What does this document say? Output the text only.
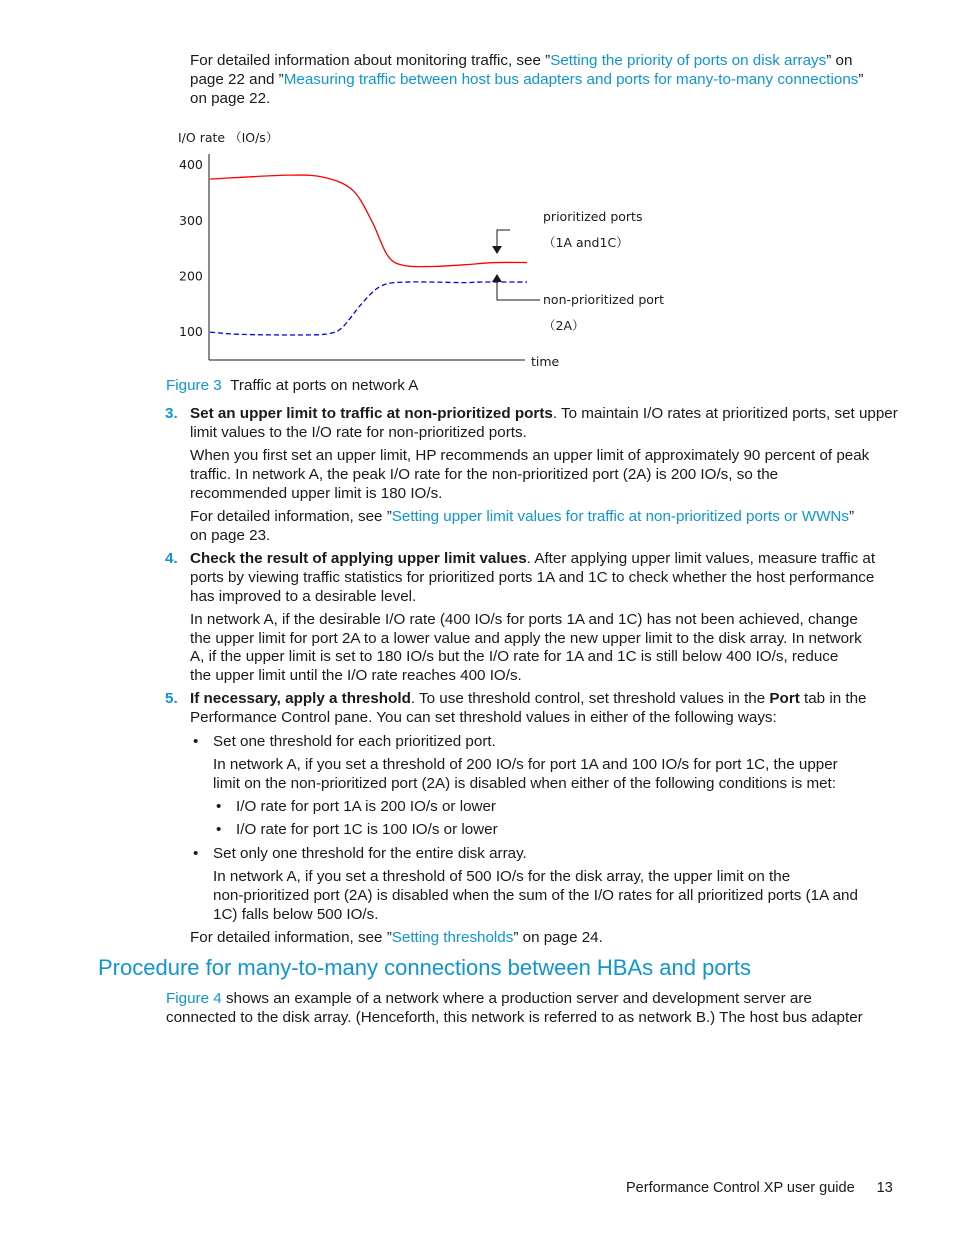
For detailed information about monitoring traffic, see ”Setting the priority of ports on disk arrays” on
page 22 and ”Measuring traffic between host bus adapters and ports for many-to-many connections”
on page 22.
I/O rate （IO/s）
400
300
200
100
time
prioritized ports
（1A and1C）
non-prioritized port
（2A）
Figure 3 Traffic at ports on network A
3. Set an upper limit to traffic at non-prioritized ports. To maintain I/O rates at prioritized ports, set upper
limit values to the I/O rate for non-prioritized ports.
When you first set an upper limit, HP recommends an upper limit of approximately 90 percent of peak
traffic. In network A, the peak I/O rate for the non-prioritized port (2A) is 200 IO/s, so the
recommended upper limit is 180 IO/s.
For detailed information, see ”Setting upper limit values for traffic at non-prioritized ports or WWNs”
on page 23.
4. Check the result of applying upper limit values. After applying upper limit values, measure traffic at
ports by viewing traffic statistics for prioritized ports 1A and 1C to check whether the host performance
has improved to a desirable level.
In network A, if the desirable I/O rate (400 IO/s for ports 1A and 1C) has not been achieved, change
the upper limit for port 2A to a lower value and apply the new upper limit to the disk array. In network
A, if the upper limit is set to 180 IO/s but the I/O rate for 1A and 1C is still below 400 IO/s, reduce
the upper limit until the I/O rate reaches 400 IO/s.
5. If necessary, apply a threshold. To use threshold control, set threshold values in the Port tab in the
Performance Control pane. You can set threshold values in either of the following ways:
• Set one threshold for each prioritized port.
In network A, if you set a threshold of 200 IO/s for port 1A and 100 IO/s for port 1C, the upper
limit on the non-prioritized port (2A) is disabled when either of the following conditions is met:
• I/O rate for port 1A is 200 IO/s or lower
• I/O rate for port 1C is 100 IO/s or lower
• Set only one threshold for the entire disk array.
In network A, if you set a threshold of 500 IO/s for the disk array, the upper limit on the
non-prioritized port (2A) is disabled when the sum of the I/O rates for all prioritized ports (1A and
1C) falls below 500 IO/s.
For detailed information, see ”Setting thresholds” on page 24.
Procedure for many-to-many connections between HBAs and ports
Figure 4 shows an example of a network where a production server and development server are
connected to the disk array. (Henceforth, this network is referred to as network B.) The host bus adapter
Performance Control XP user guide 13
